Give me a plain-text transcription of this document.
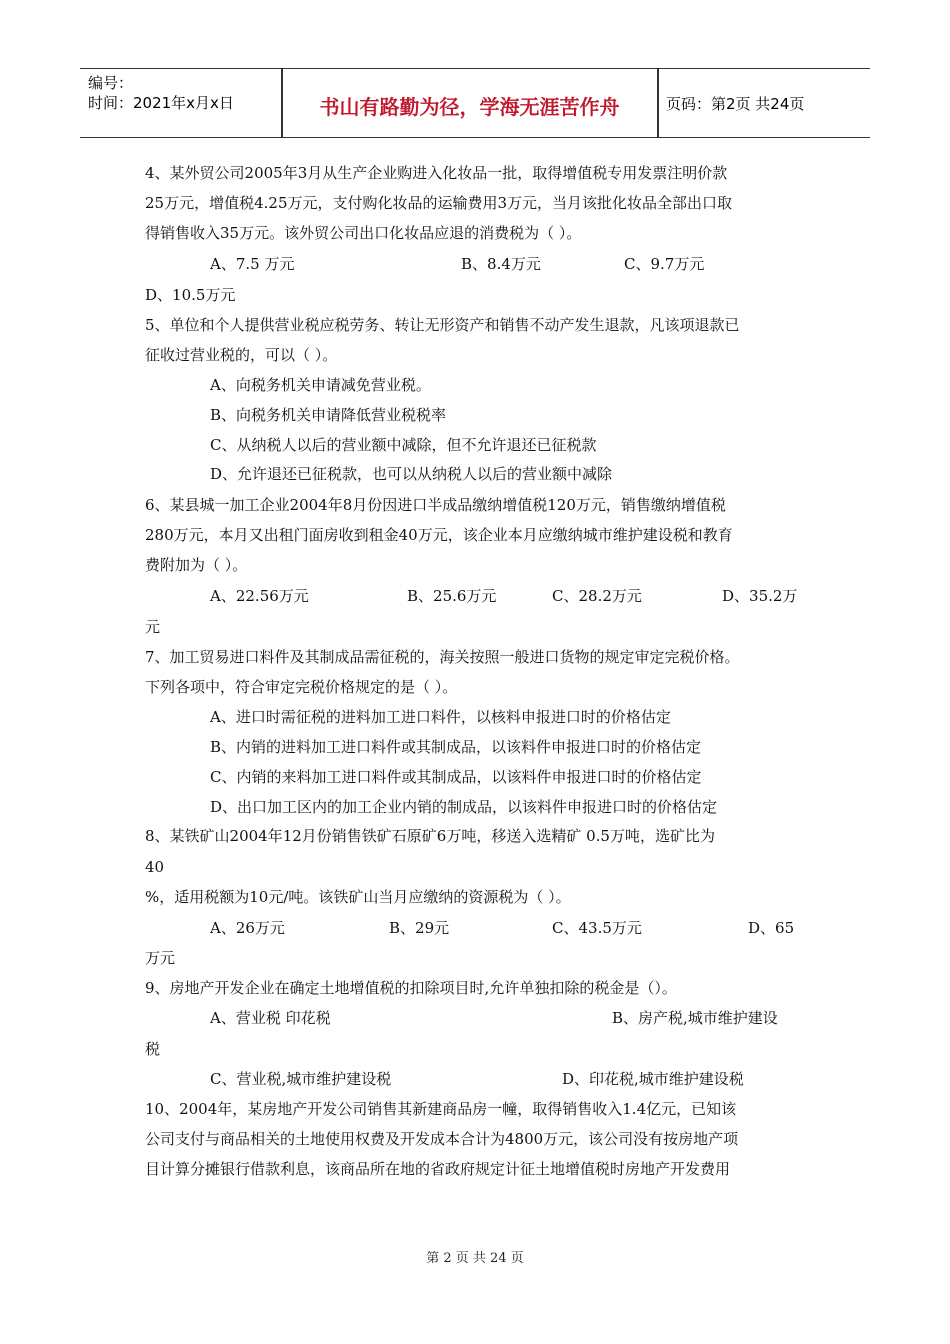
编号：
时间：2021年x月x日	书山有路勤为径，学海无涯苦作舟	页码：第2页 共24页
4、某外贸公司2005年3月从生产企业购进入化妆品一批，取得增值税专用发票注明价款
25万元，增值税4.25万元，支付购化妆品的运输费用3万元，当月该批化妆品全部出口取
得销售收入35万元。该外贸公司出口化妆品应退的消费税为（ ）。
A、7.5 万元	B、8.4万元	C、9.7万元
D、10.5万元
5、单位和个人提供营业税应税劳务、转让无形资产和销售不动产发生退款，凡该项退款已
征收过营业税的，可以（ ）。
A、向税务机关申请减免营业税。
B、向税务机关申请降低营业税税率
C、从纳税人以后的营业额中减除，但不允许退还已征税款
D、允许退还已征税款，也可以从纳税人以后的营业额中减除
6、某县城一加工企业2004年8月份因进口半成品缴纳增值税120万元，销售缴纳增值税
280万元，本月又出租门面房收到租金40万元，该企业本月应缴纳城市维护建设税和教育
费附加为（ ）。
A、22.56万元	B、25.6万元	C、28.2万元	D、35.2万
元
7、加工贸易进口料件及其制成品需征税的，海关按照一般进口货物的规定审定完税价格。
下列各项中，符合审定完税价格规定的是（ ）。
A、进口时需征税的进料加工进口料件，以核料申报进口时的价格估定
B、内销的进料加工进口料件或其制成品，以该料件申报进口时的价格估定
C、内销的来料加工进口料件或其制成品，以该料件申报进口时的价格估定
D、出口加工区内的加工企业内销的制成品，以该料件申报进口时的价格估定
8、某铁矿山2004年12月份销售铁矿石原矿6万吨，移送入选精矿 0.5万吨，选矿比为
40
%，适用税额为10元/吨。该铁矿山当月应缴纳的资源税为（ ）。
A、26万元	B、29元	C、43.5万元	D、65
万元
9、房地产开发企业在确定土地增值税的扣除项目时,允许单独扣除的税金是（）。
A、营业税 印花税	B、房产税,城市维护建设
税
C、营业税,城市维护建设税	D、印花税,城市维护建设税
10、2004年，某房地产开发公司销售其新建商品房一幢，取得销售收入1.4亿元，已知该
公司支付与商品相关的土地使用权费及开发成本合计为4800万元，该公司没有按房地产项
目计算分摊银行借款利息，该商品所在地的省政府规定计征土地增值税时房地产开发费用
第 2 页 共 24 页
